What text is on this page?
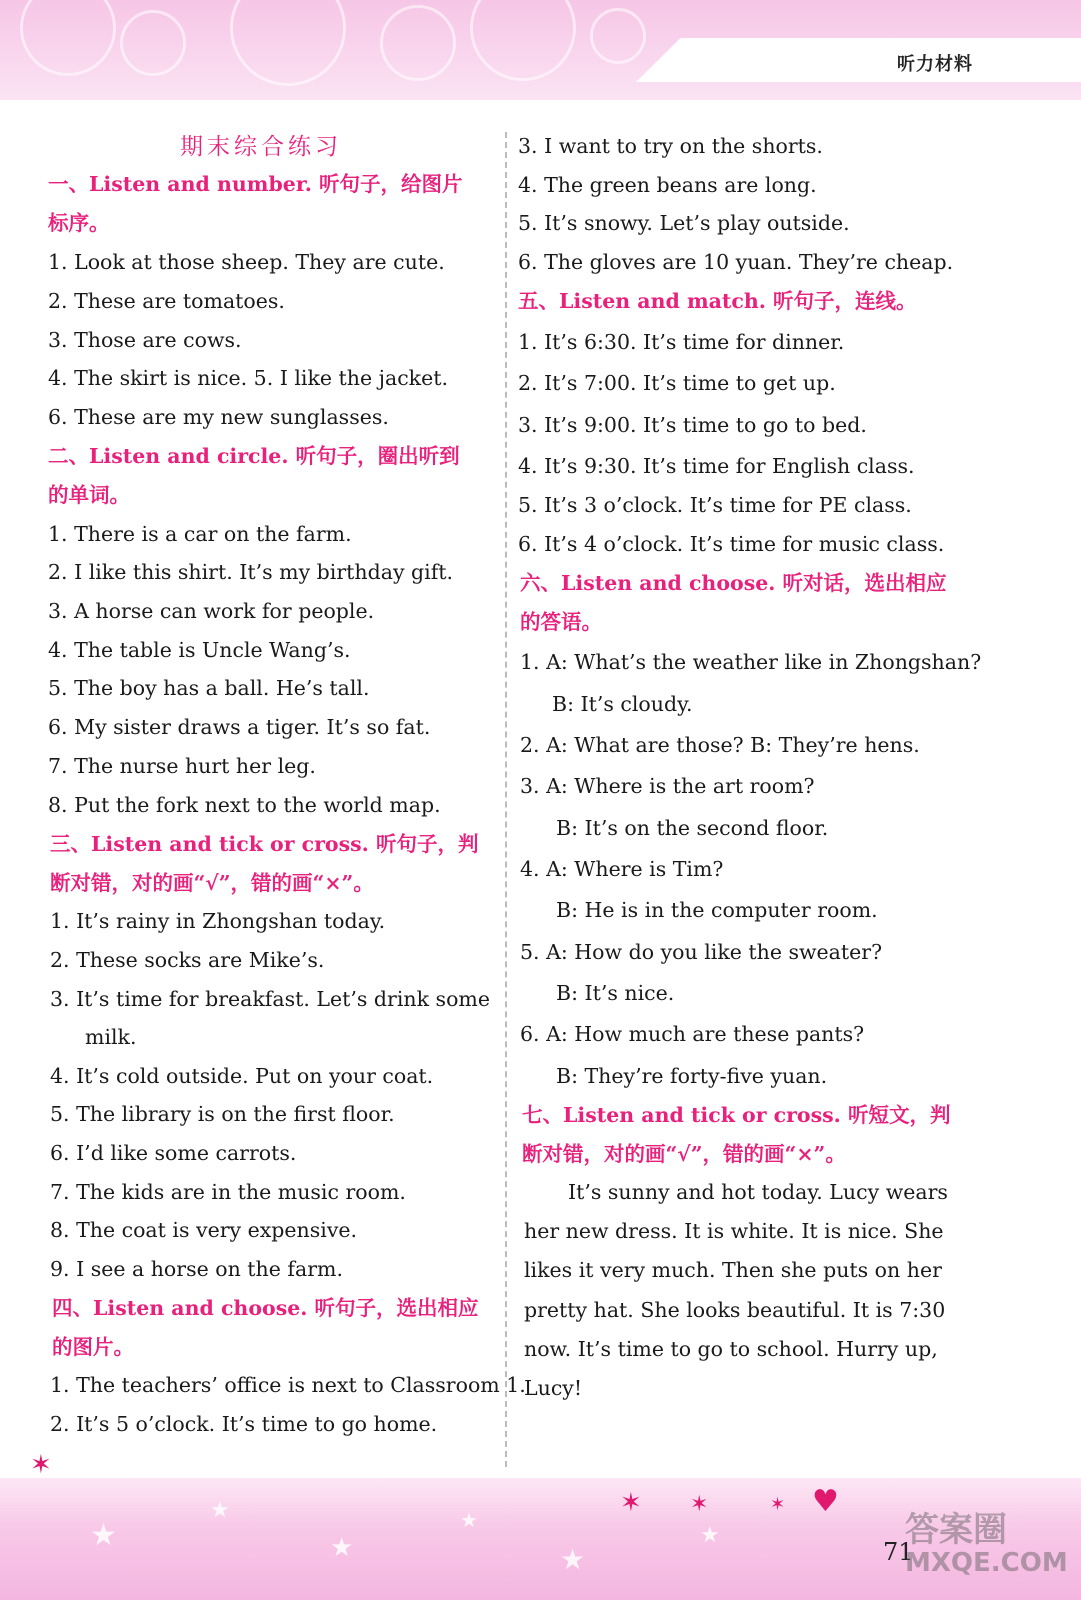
听力材料
期末综合练习
一、Listen and number. 听句子，给图片
标序。
1. Look at those sheep. They are cute.
2. These are tomatoes.
3. Those are cows.
4. The skirt is nice. 5. I like the jacket.
6. These are my new sunglasses.
二、Listen and circle. 听句子，圈出听到
的单词。
1. There is a car on the farm.
2. I like this shirt. It’s my birthday gift.
3. A horse can work for people.
4. The table is Uncle Wang’s.
5. The boy has a ball. He’s tall.
6. My sister draws a tiger. It’s so fat.
7. The nurse hurt her leg.
8. Put the fork next to the world map.
三、Listen and tick or cross. 听句子，判
断对错，对的画“√”，错的画“×”。
1. It’s rainy in Zhongshan today.
2. These socks are Mike’s.
3. It’s time for breakfast. Let’s drink some
milk.
4. It’s cold outside. Put on your coat.
5. The library is on the first floor.
6. I’d like some carrots.
7. The kids are in the music room.
8. The coat is very expensive.
9. I see a horse on the farm.
四、Listen and choose. 听句子，选出相应
的图片。
1. The teachers’ office is next to Classroom 1.
2. It’s 5 o’clock. It’s time to go home.
3. I want to try on the shorts.
4. The green beans are long.
5. It’s snowy. Let’s play outside.
6. The gloves are 10 yuan. They’re cheap.
五、Listen and match. 听句子，连线。
1. It’s 6:30. It’s time for dinner.
2. It’s 7:00. It’s time to get up.
3. It’s 9:00. It’s time to go to bed.
4. It’s 9:30. It’s time for English class.
5. It’s 3 o’clock. It’s time for PE class.
6. It’s 4 o’clock. It’s time for music class.
六、Listen and choose. 听对话，选出相应
的答语。
1. A: What’s the weather like in Zhongshan?
B: It’s cloudy.
2. A: What are those? B: They’re hens.
3. A: Where is the art room?
B: It’s on the second floor.
4. A: Where is Tim?
B: He is in the computer room.
5. A: How do you like the sweater?
B: It’s nice.
6. A: How much are these pants?
B: They’re forty-five yuan.
七、Listen and tick or cross. 听短文，判
断对错，对的画“√”，错的画“×”。
It’s sunny and hot today. Lucy wears
her new dress. It is white. It is nice. She
likes it very much. Then she puts on her
pretty hat. She looks beautiful. It is 7:30
now. It’s time to go to school. Hurry up,
Lucy!
★
★
★
★
★
★
✶
✶ ✶	✶ ♥
71
答案圈
MXQE.COM
